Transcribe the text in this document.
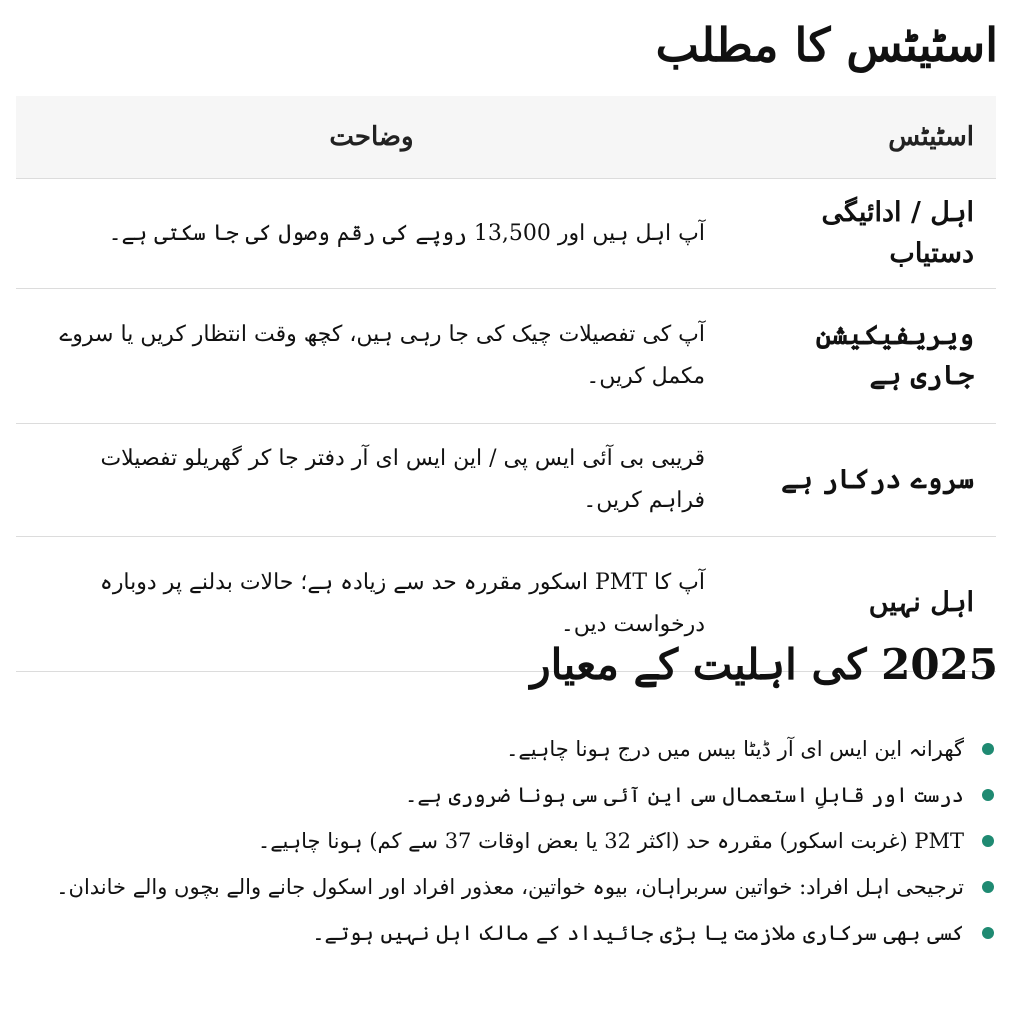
اسٹیٹس کا مطلب
اسٹیٹس	وضاحت
اہل / ادائیگی دستیاب	آپ اہل ہیں اور 13,500 روپے کی رقم وصول کی جا سکتی ہے۔
ویریفیکیشن جاری ہے	آپ کی تفصیلات چیک کی جا رہی ہیں، کچھ وقت انتظار کریں یا سروے مکمل کریں۔
سروے درکار ہے	قریبی بی آئی ایس پی / این ایس ای آر دفتر جا کر گھریلو تفصیلات فراہم کریں۔
اہل نہیں	آپ کا PMT اسکور مقررہ حد سے زیادہ ہے؛ حالات بدلنے پر دوبارہ درخواست دیں۔
2025 کی اہلیت کے معیار
گھرانہ این ایس ای آر ڈیٹا بیس میں درج ہونا چاہیے۔
درست اور قابلِ استعمال سی این آئی سی ہونا ضروری ہے۔
PMT (غربت اسکور) مقررہ حد (اکثر 32 یا بعض اوقات 37 سے کم) ہونا چاہیے۔
ترجیحی اہل افراد: خواتین سربراہان، بیوہ خواتین، معذور افراد اور اسکول جانے والے بچوں والے خاندان۔
کسی بھی سرکاری ملازمت یا بڑی جائیداد کے مالک اہل نہیں ہوتے۔
